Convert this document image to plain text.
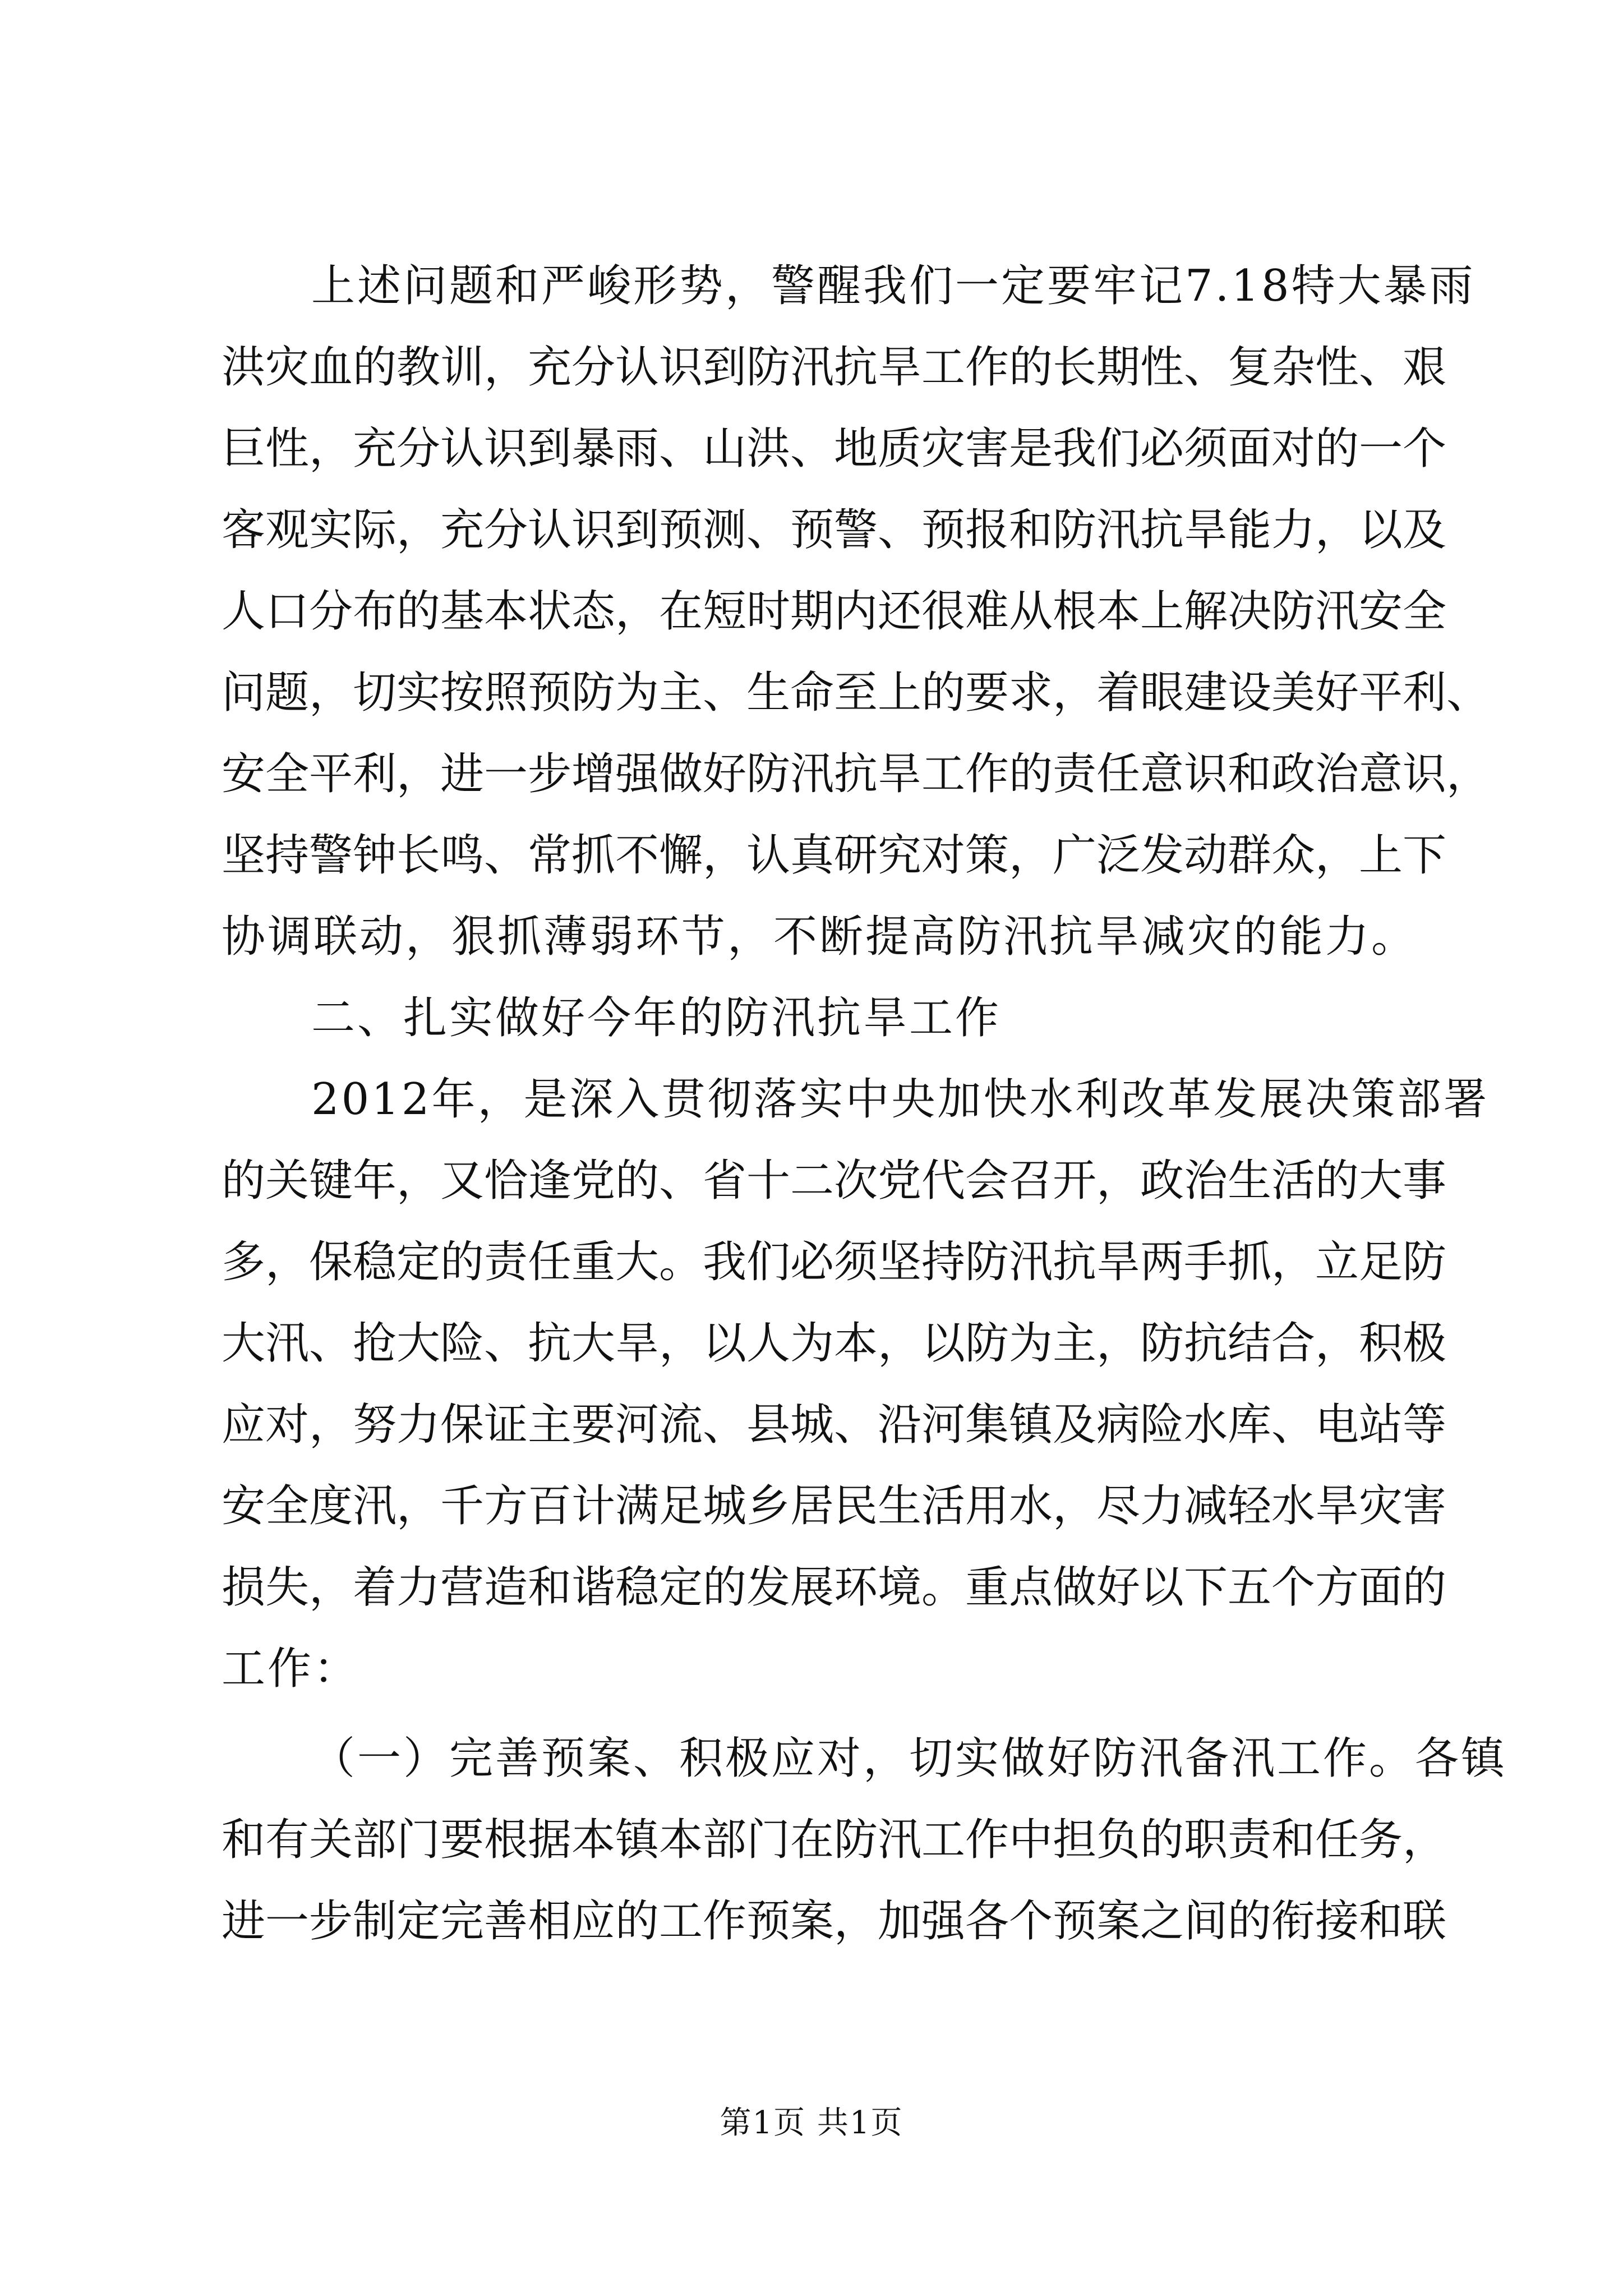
上述问题和严峻形势，警醒我们一定要牢记7.18特大暴雨
洪灾血的教训，充分认识到防汛抗旱工作的长期性、复杂性、艰
巨性，充分认识到暴雨、山洪、地质灾害是我们必须面对的一个
客观实际，充分认识到预测、预警、预报和防汛抗旱能力，以及
人口分布的基本状态，在短时期内还很难从根本上解决防汛安全
问题，切实按照预防为主、生命至上的要求，着眼建设美好平利、
安全平利，进一步增强做好防汛抗旱工作的责任意识和政治意识，
坚持警钟长鸣、常抓不懈，认真研究对策，广泛发动群众，上下
协调联动，狠抓薄弱环节，不断提高防汛抗旱减灾的能力。
二、扎实做好今年的防汛抗旱工作
2012年，是深入贯彻落实中央加快水利改革发展决策部署
的关键年，又恰逢党的、省十二次党代会召开，政治生活的大事
多，保稳定的责任重大。我们必须坚持防汛抗旱两手抓，立足防
大汛、抢大险、抗大旱，以人为本，以防为主，防抗结合，积极
应对，努力保证主要河流、县城、沿河集镇及病险水库、电站等
安全度汛，千方百计满足城乡居民生活用水，尽力减轻水旱灾害
损失，着力营造和谐稳定的发展环境。重点做好以下五个方面的
工作：
（一）完善预案、积极应对，切实做好防汛备汛工作。各镇
和有关部门要根据本镇本部门在防汛工作中担负的职责和任务，
进一步制定完善相应的工作预案，加强各个预案之间的衔接和联
第1页 共1页
